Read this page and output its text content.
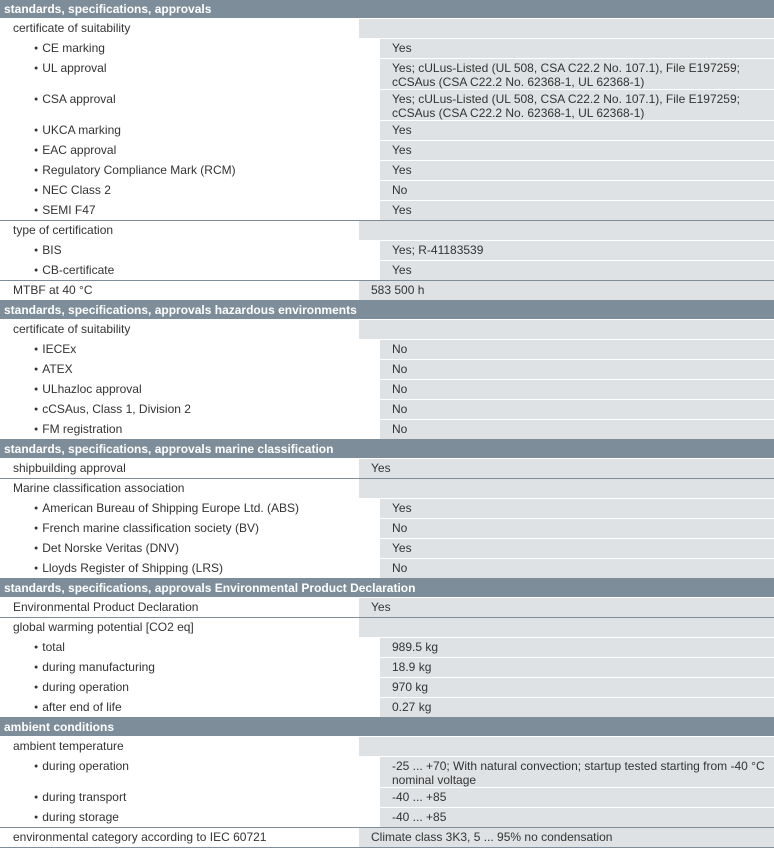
standards, specifications, approvals
certificate of suitability
● CE marking	Yes
● UL approval	Yes; cULus-Listed (UL 508, CSA C22.2 No. 107.1), File E197259; cCSAus (CSA C22.2 No. 62368-1, UL 62368-1)
● CSA approval	Yes; cULus-Listed (UL 508, CSA C22.2 No. 107.1), File E197259; cCSAus (CSA C22.2 No. 62368-1, UL 62368-1)
● UKCA marking	Yes
● EAC approval	Yes
● Regulatory Compliance Mark (RCM)	Yes
● NEC Class 2	No
● SEMI F47	Yes
type of certification
● BIS	Yes; R-41183539
● CB-certificate	Yes
MTBF at 40 °C	583 500 h
standards, specifications, approvals hazardous environments
certificate of suitability
● IECEx	No
● ATEX	No
● ULhazloc approval	No
● cCSAus, Class 1, Division 2	No
● FM registration	No
standards, specifications, approvals marine classification
shipbuilding approval	Yes
Marine classification association
● American Bureau of Shipping Europe Ltd. (ABS)	Yes
● French marine classification society (BV)	No
● Det Norske Veritas (DNV)	Yes
● Lloyds Register of Shipping (LRS)	No
standards, specifications, approvals Environmental Product Declaration
Environmental Product Declaration	Yes
global warming potential [CO2 eq]
● total	989.5 kg
● during manufacturing	18.9 kg
● during operation	970 kg
● after end of life	0.27 kg
ambient conditions
ambient temperature
● during operation	-25 ... +70; With natural convection; startup tested starting from -40 °C nominal voltage
● during transport	-40 ... +85
● during storage	-40 ... +85
environmental category according to IEC 60721	Climate class 3K3, 5 ... 95% no condensation
